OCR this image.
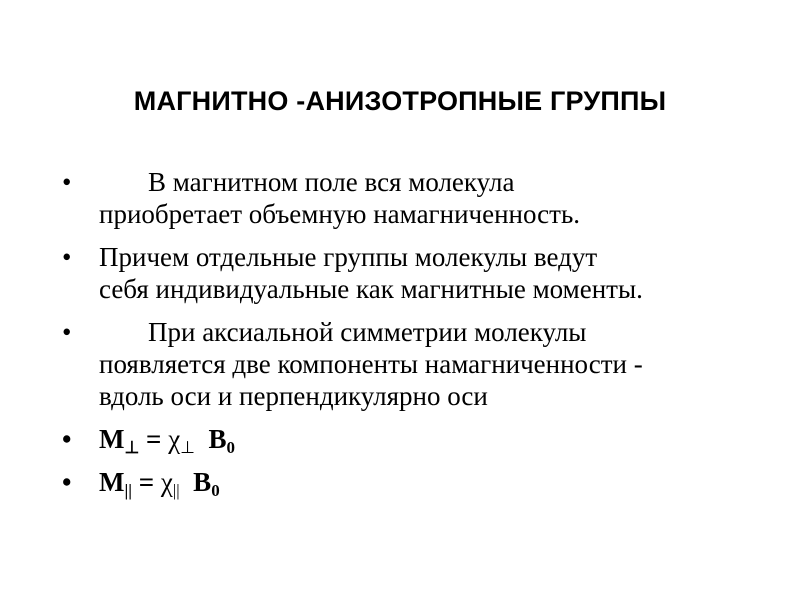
МАГНИТНО -АНИЗОТРОПНЫЕ ГРУППЫ
•	В магнитном поле вся молекула
приобретает объемную намагниченность.
• Причем отдельные группы молекулы ведут
себя индивидуальные как магнитные моменты.
•	При аксиальной симметрии молекулы
появляется две компоненты намагниченности -
вдоль оси и перпендикулярно оси
• $M_\perp = \chi_\perp$ $B_0$
• $M_{||} = \chi_{||}$ $B_0$
